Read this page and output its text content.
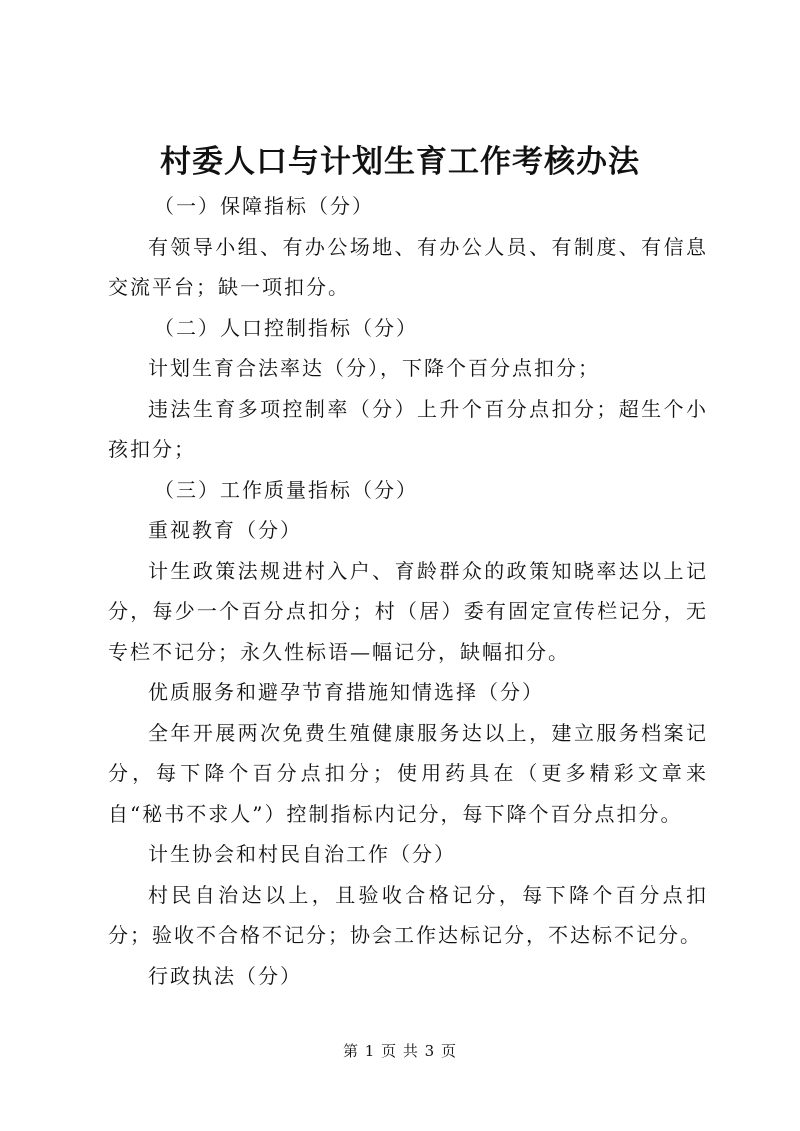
村委人口与计划生育工作考核办法

（一）保障指标（分）

有领导小组、有办公场地、有办公人员、有制度、有信息交流平台；缺一项扣分。

（二）人口控制指标（分）

计划生育合法率达（分），下降个百分点扣分；

违法生育多项控制率（分）上升个百分点扣分；超生个小孩扣分；

（三）工作质量指标（分）

重视教育（分）

计生政策法规进村入户、育龄群众的政策知晓率达以上记分，每少一个百分点扣分；村（居）委有固定宣传栏记分，无专栏不记分；永久性标语—幅记分，缺幅扣分。

优质服务和避孕节育措施知情选择（分）

全年开展两次免费生殖健康服务达以上，建立服务档案记分，每下降个百分点扣分；使用药具在（更多精彩文章来自“秘书不求人”）控制指标内记分，每下降个百分点扣分。

计生协会和村民自治工作（分）

村民自治达以上，且验收合格记分，每下降个百分点扣分；验收不合格不记分；协会工作达标记分，不达标不记分。

行政执法（分）

第 1 页 共 3 页
